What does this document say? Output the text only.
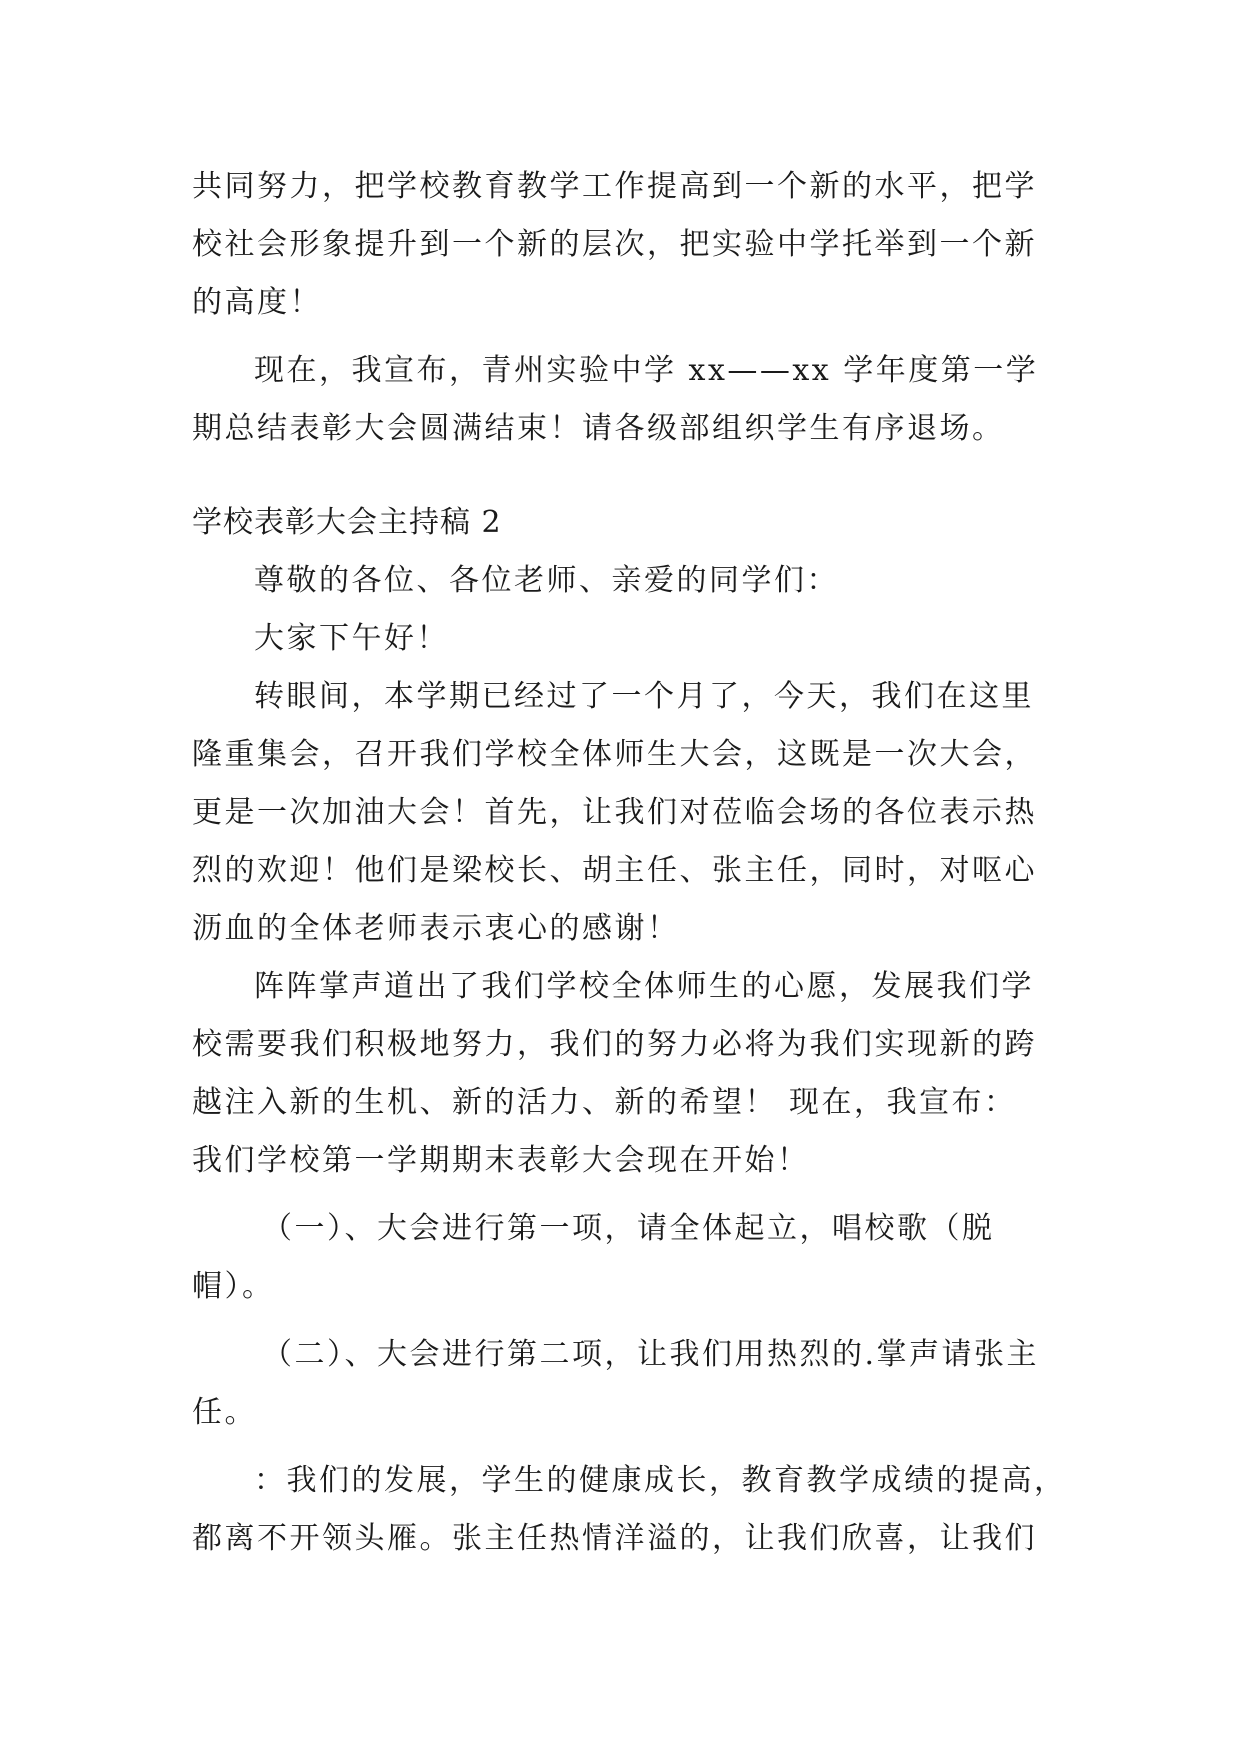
共同努力，把学校教育教学工作提高到一个新的水平，把学
校社会形象提升到一个新的层次，把实验中学托举到一个新
的高度！
现在，我宣布，青州实验中学 xx——xx 学年度第一学
期总结表彰大会圆满结束！请各级部组织学生有序退场。
学校表彰大会主持稿 2
尊敬的各位、各位老师、亲爱的同学们：
大家下午好！
转眼间，本学期已经过了一个月了，今天，我们在这里
隆重集会，召开我们学校全体师生大会，这既是一次大会，
更是一次加油大会！首先，让我们对莅临会场的各位表示热
烈的欢迎！他们是梁校长、胡主任、张主任，同时，对呕心
沥血的全体老师表示衷心的感谢！
阵阵掌声道出了我们学校全体师生的心愿，发展我们学
校需要我们积极地努力，我们的努力必将为我们实现新的跨
越注入新的生机、新的活力、新的希望！ 现在，我宣布：
我们学校第一学期期末表彰大会现在开始！
（一）、大会进行第一项，请全体起立，唱校歌（脱
帽）。
（二）、大会进行第二项，让我们用热烈的.掌声请张主
任。
：我们的发展，学生的健康成长，教育教学成绩的提高，
都离不开领头雁。张主任热情洋溢的，让我们欣喜，让我们
